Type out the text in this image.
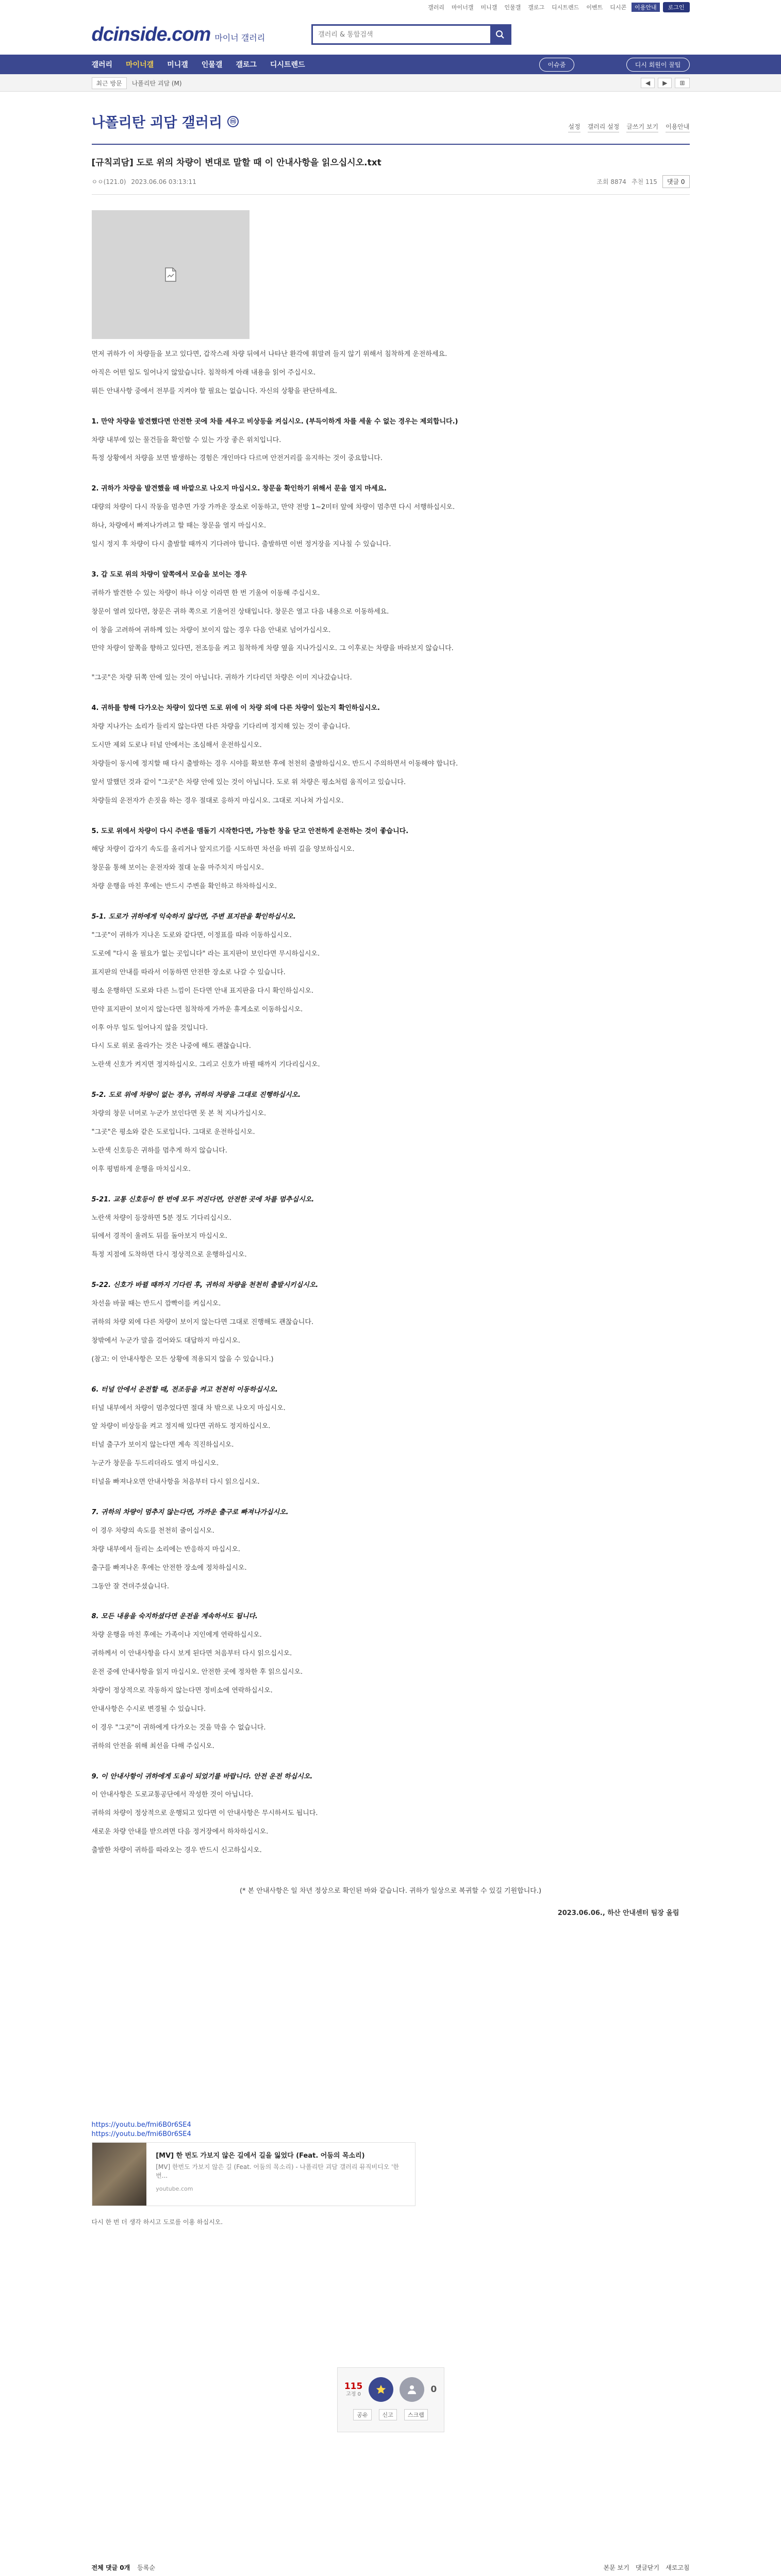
갤러리	마이너갤	미니갤	인물갤	갤로그	디시트렌드	이벤트	디시콘	이용안내	로그인
dcinside.com 마이너 갤러리
갤러리 & 통합검색
갤러리 마이너갤 미니갤 인물갤 갤로그 디시트렌드	이슈줌	디시 회원이 꿀팁
최근 방문	나폴리탄 괴담 (M)	◀	▶	⊞
나폴리탄 괴담 갤러리	ⓜ
설정 갤러리 설정 글쓰기 보기 이용안내
[규칙괴담] 도로 위의 차량이 변대로 말할 때 이 안내사항을 읽으십시오.txt
ㅇㅇ(121.0) 2023.06.06 03:13:11	조회 8874 추천 115	댓글 0

먼저 귀하가 이 차량들을 보고 있다면, 갑작스레 차량 뒤에서 나타난 환각에 휘말려 들지 않기 위해서 침착하게 운전하세요.

아직은 어떤 일도 일어나지 않았습니다. 침착하게 아래 내용을 읽어 주십시오.

뭐든 안내사항 중에서 전부를 지켜야 할 필요는 없습니다. 자신의 상황을 판단하세요.

1. 만약 차량을 발견했다면 안전한 곳에 차를 세우고 비상등을 켜십시오. (부득이하게 차를 세울 수 없는 경우는 제외합니다.)

차량 내부에 있는 물건들을 확인할 수 있는 가장 좋은 위치입니다.

특정 상황에서 차량을 보면 발생하는 경험은 개인마다 다르며 안전거리를 유지하는 것이 중요합니다.

2. 귀하가 차량을 발견했을 때 바깥으로 나오지 마십시오. 창문을 확인하기 위해서 문을 열지 마세요.

대량의 차량이 다시 작동을 멈추면 가장 가까운 장소로 이동하고, 만약 전방 1~2미터 앞에 차량이 멈추면 다시 서행하십시오.

하나, 차량에서 빠져나가려고 할 때는 창문을 열지 마십시오.

일시 정지 후 차량이 다시 출발할 때까지 기다려야 합니다. 출발하면 이번 정거장을 지나칠 수 있습니다.

3. 갑 도로 위의 차량이 앞쪽에서 모습을 보이는 경우

귀하가 발견한 수 있는 차량이 하나 이상 이라면 한 번 기울여 이동해 주십시오.

창문이 열려 있다면, 창문은 귀하 쪽으로 기울어진 상태입니다. 창문은 열고 다음 내용으로 이동하세요.

이 창을 고려하여 귀하께 있는 차량이 보이지 않는 경우 다음 안내로 넘어가십시오.

만약 차량이 앞쪽을 향하고 있다면, 전조등을 켜고 침착하게 차량 옆을 지나가십시오. 그 이후로는 차량을 바라보지 않습니다.

"그곳"은 차량 뒤쪽 안에 있는 것이 아닙니다. 귀하가 기다리던 차량은 이미 지나갔습니다.

4. 귀하를 향해 다가오는 차량이 있다면 도로 위에 이 차량 외에 다른 차량이 있는지 확인하십시오.

차량 지나가는 소리가 들리지 않는다면 다른 차량을 기다리며 정지해 있는 것이 좋습니다.

도시만 제외 도로나 터널 안에서는 조심해서 운전하십시오.

차량들이 동시에 정지할 때 다시 출발하는 경우 시야를 확보한 후에 천천히 출발하십시오. 반드시 주의하면서 이동해야 합니다.

앞서 말했던 것과 같이 "그곳"은 차량 안에 있는 것이 아닙니다. 도로 위 차량은 평소처럼 움직이고 있습니다.

차량들의 운전자가 손짓을 하는 경우 절대로 응하지 마십시오. 그대로 지나쳐 가십시오.

5. 도로 위에서 차량이 다시 주변을 맴돌기 시작한다면, 가능한 창을 닫고 안전하게 운전하는 것이 좋습니다.

해당 차량이 갑자기 속도를 올리거나 앞지르기를 시도하면 차선을 바꿔 길을 양보하십시오.

창문을 통해 보이는 운전자와 절대 눈을 마주치지 마십시오.

차량 운행을 마친 후에는 반드시 주변을 확인하고 하차하십시오.

5-1. 도로가 귀하에게 익숙하지 않다면, 주변 표지판을 확인하십시오.

"그곳"이 귀하가 지나온 도로와 같다면, 이정표를 따라 이동하십시오.

도로에 "다시 올 필요가 없는 곳입니다" 라는 표지판이 보인다면 무시하십시오.

표지판의 안내를 따라서 이동하면 안전한 장소로 나갈 수 있습니다.

평소 운행하던 도로와 다른 느낌이 든다면 안내 표지판을 다시 확인하십시오.

만약 표지판이 보이지 않는다면 침착하게 가까운 휴게소로 이동하십시오.

이후 아무 일도 일어나지 않을 것입니다.

다시 도로 위로 올라가는 것은 나중에 해도 괜찮습니다.

노란색 신호가 켜지면 정지하십시오. 그리고 신호가 바뀔 때까지 기다리십시오.

5-2. 도로 위에 차량이 없는 경우, 귀하의 차량을 그대로 진행하십시오.

차량의 창문 너머로 누군가 보인다면 못 본 척 지나가십시오.

"그곳"은 평소와 같은 도로입니다. 그대로 운전하십시오.

노란색 신호등은 귀하를 멈추게 하지 않습니다.

이후 평범하게 운행을 마치십시오.

5-21. 교통 신호등이 한 번에 모두 꺼진다면, 안전한 곳에 차를 멈추십시오.

노란색 차량이 등장하면 5분 정도 기다리십시오.

뒤에서 경적이 울려도 뒤를 돌아보지 마십시오.

특정 지점에 도착하면 다시 정상적으로 운행하십시오.

5-22. 신호가 바뀔 때까지 기다린 후, 귀하의 차량을 천천히 출발시키십시오.

차선을 바꿀 때는 반드시 깜빡이를 켜십시오.

귀하의 차량 외에 다른 차량이 보이지 않는다면 그대로 진행해도 괜찮습니다.

창밖에서 누군가 말을 걸어와도 대답하지 마십시오.

(참고: 이 안내사항은 모든 상황에 적용되지 않을 수 있습니다.)

6. 터널 안에서 운전할 때, 전조등을 켜고 천천히 이동하십시오.

터널 내부에서 차량이 멈추었다면 절대 차 밖으로 나오지 마십시오.

앞 차량이 비상등을 켜고 정지해 있다면 귀하도 정지하십시오.

터널 출구가 보이지 않는다면 계속 직진하십시오.

누군가 창문을 두드리더라도 열지 마십시오.

터널을 빠져나오면 안내사항을 처음부터 다시 읽으십시오.

7. 귀하의 차량이 멈추지 않는다면, 가까운 출구로 빠져나가십시오.

이 경우 차량의 속도를 천천히 줄이십시오.

차량 내부에서 들리는 소리에는 반응하지 마십시오.

출구를 빠져나온 후에는 안전한 장소에 정차하십시오.

그동안 잘 견뎌주셨습니다.

8. 모든 내용을 숙지하셨다면 운전을 계속하셔도 됩니다.

차량 운행을 마친 후에는 가족이나 지인에게 연락하십시오.

귀하께서 이 안내사항을 다시 보게 된다면 처음부터 다시 읽으십시오.

운전 중에 안내사항을 읽지 마십시오. 안전한 곳에 정차한 후 읽으십시오.

차량이 정상적으로 작동하지 않는다면 정비소에 연락하십시오.

안내사항은 수시로 변경될 수 있습니다.

이 경우 "그곳"이 귀하에게 다가오는 것을 막을 수 없습니다.

귀하의 안전을 위해 최선을 다해 주십시오.

9. 이 안내사항이 귀하에게 도움이 되었기를 바랍니다. 안전 운전 하십시오.

이 안내사항은 도로교통공단에서 작성한 것이 아닙니다.

귀하의 차량이 정상적으로 운행되고 있다면 이 안내사항은 무시하셔도 됩니다.

새로운 차량 안내를 받으려면 다음 정거장에서 하차하십시오.

출발한 차량이 귀하를 따라오는 경우 반드시 신고하십시오.

(* 본 안내사항은 일 차년 정상으로 확인된 바와 같습니다. 귀하가 일상으로 복귀할 수 있길 기원합니다.)
2023.06.06., 하산 안내센터 팀장 올림
https://youtu.be/fmi6B0r6SE4
https://youtu.be/fmi6B0r6SE4
[MV] 한 번도 가보지 않은 길에서 길을 잃었다 (Feat. 어둠의 목소리)
[MV] 한번도 가보지 않은 길 (Feat. 어둠의 목소리) - 나폴리탄 괴담 갤러리 뮤직비디오 '한번...
youtube.com
다시 한 번 더 생각 하시고 도로를 이용 하십시오.
115
고정 0	0
공유	신고	스크랩
전체 댓글 0개 등록순	본문 보기 댓글닫기 새로고침
